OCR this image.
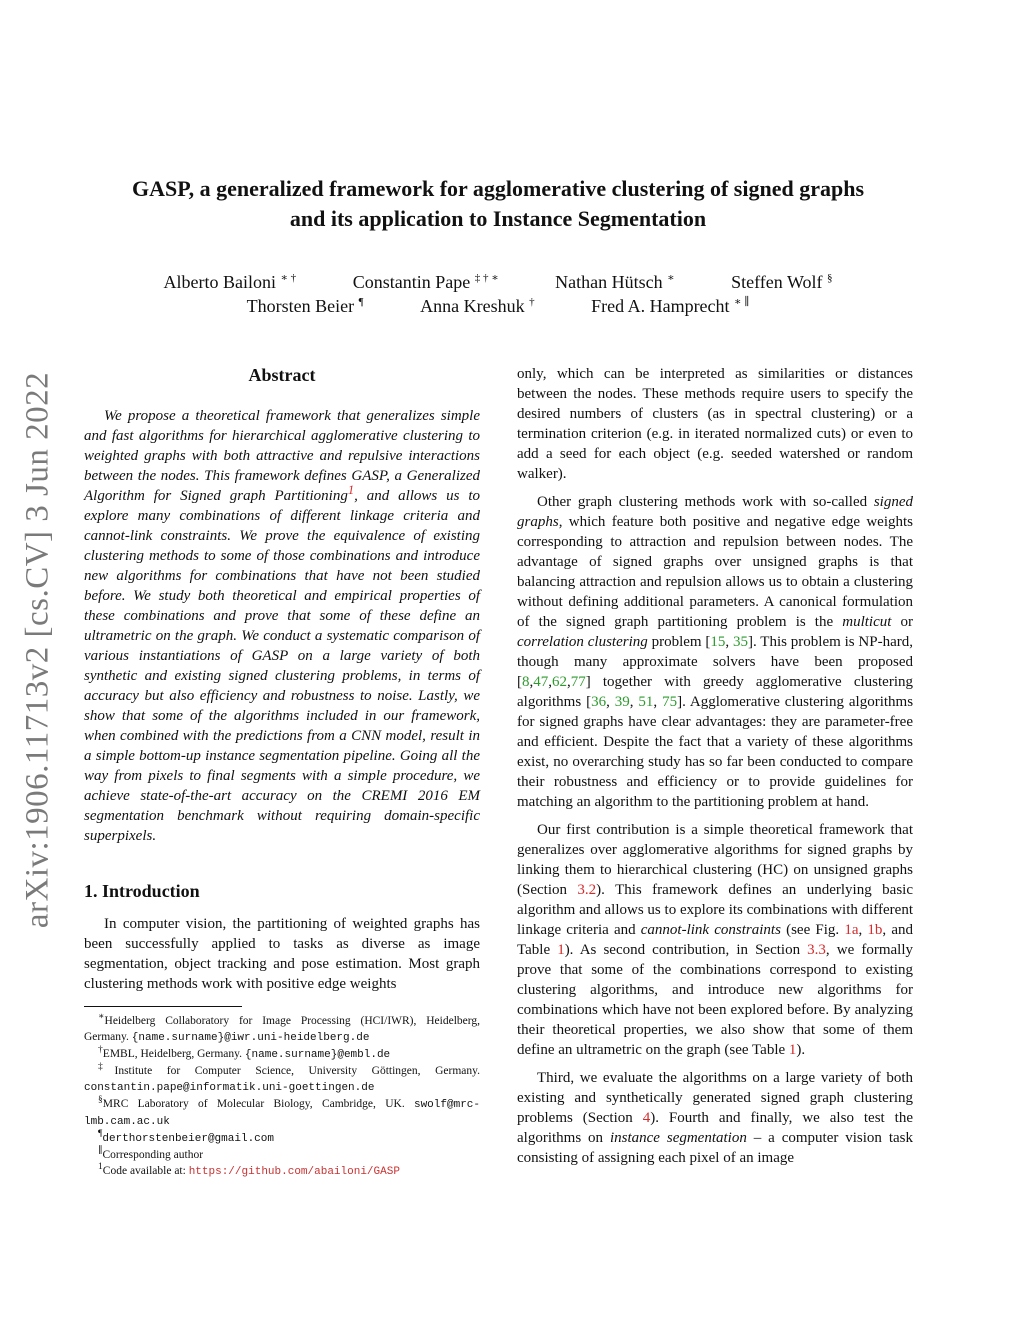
arXiv:1906.11713v2 [cs.CV] 3 Jun 2022
GASP, a generalized framework for agglomerative clustering of signed graphs
and its application to Instance Segmentation
Alberto Bailoni ∗ †	Constantin Pape ‡ † ∗	Nathan Hütsch ∗	Steffen Wolf §
Thorsten Beier ¶	Anna Kreshuk †	Fred A. Hamprecht ∗ ∥
Abstract

We propose a theoretical framework that generalizes simple and fast algorithms for hierarchical agglomerative clustering to weighted graphs with both attractive and repulsive interactions between the nodes. This framework defines GASP, a Generalized Algorithm for Signed graph Partitioning$^1$, and allows us to explore many combinations of different linkage criteria and cannot-link constraints. We prove the equivalence of existing clustering methods to some of those combinations and introduce new algorithms for combinations that have not been studied before. We study both theoretical and empirical properties of these combinations and prove that some of these define an ultrametric on the graph. We conduct a systematic comparison of various instantiations of GASP on a large variety of both synthetic and existing signed clustering problems, in terms of accuracy but also efficiency and robustness to noise. Lastly, we show that some of the algorithms included in our framework, when combined with the predictions from a CNN model, result in a simple bottom-up instance segmentation pipeline. Going all the way from pixels to final segments with a simple procedure, we achieve state-of-the-art accuracy on the CREMI 2016 EM segmentation benchmark without requiring domain-specific superpixels.

1. Introduction

In computer vision, the partitioning of weighted graphs has been successfully applied to tasks as diverse as image segmentation, object tracking and pose estimation. Most graph clustering methods work with positive edge weights

∗Heidelberg Collaboratory for Image Processing (HCI/IWR), Heidelberg, Germany. {name.surname}@iwr.uni-heidelberg.de

†EMBL, Heidelberg, Germany. {name.surname}@embl.de

‡Institute for Computer Science, University Göttingen, Germany. constantin.pape@informatik.uni-goettingen.de

§MRC Laboratory of Molecular Biology, Cambridge, UK. swolf@mrc-lmb.cam.ac.uk

¶derthorstenbeier@gmail.com

∥Corresponding author

$^1$Code available at: https://github.com/abailoni/GASP

only, which can be interpreted as similarities or distances between the nodes. These methods require users to specify the desired numbers of clusters (as in spectral clustering) or a termination criterion (e.g. in iterated normalized cuts) or even to add a seed for each object (e.g. seeded watershed or random walker).

Other graph clustering methods work with so-called signed graphs, which feature both positive and negative edge weights corresponding to attraction and repulsion between nodes. The advantage of signed graphs over unsigned graphs is that balancing attraction and repulsion allows us to obtain a clustering without defining additional parameters. A canonical formulation of the signed graph partitioning problem is the multicut or correlation clustering problem [15, 35]. This problem is NP-hard, though many approximate solvers have been proposed [8,47,62,77] together with greedy agglomerative clustering algorithms [36, 39, 51, 75]. Agglomerative clustering algorithms for signed graphs have clear advantages: they are parameter-free and efficient. Despite the fact that a variety of these algorithms exist, no overarching study has so far been conducted to compare their robustness and efficiency or to provide guidelines for matching an algorithm to the partitioning problem at hand.

Our first contribution is a simple theoretical framework that generalizes over agglomerative algorithms for signed graphs by linking them to hierarchical clustering (HC) on unsigned graphs (Section 3.2). This framework defines an underlying basic algorithm and allows us to explore its combinations with different linkage criteria and cannot-link constraints (see Fig. 1a, 1b, and Table 1). As second contribution, in Section 3.3, we formally prove that some of the combinations correspond to existing clustering algorithms, and introduce new algorithms for combinations which have not been explored before. By analyzing their theoretical properties, we also show that some of them define an ultrametric on the graph (see Table 1).

Third, we evaluate the algorithms on a large variety of both existing and synthetically generated signed graph clustering problems (Section 4). Fourth and finally, we also test the algorithms on instance segmentation – a computer vision task consisting of assigning each pixel of an image
